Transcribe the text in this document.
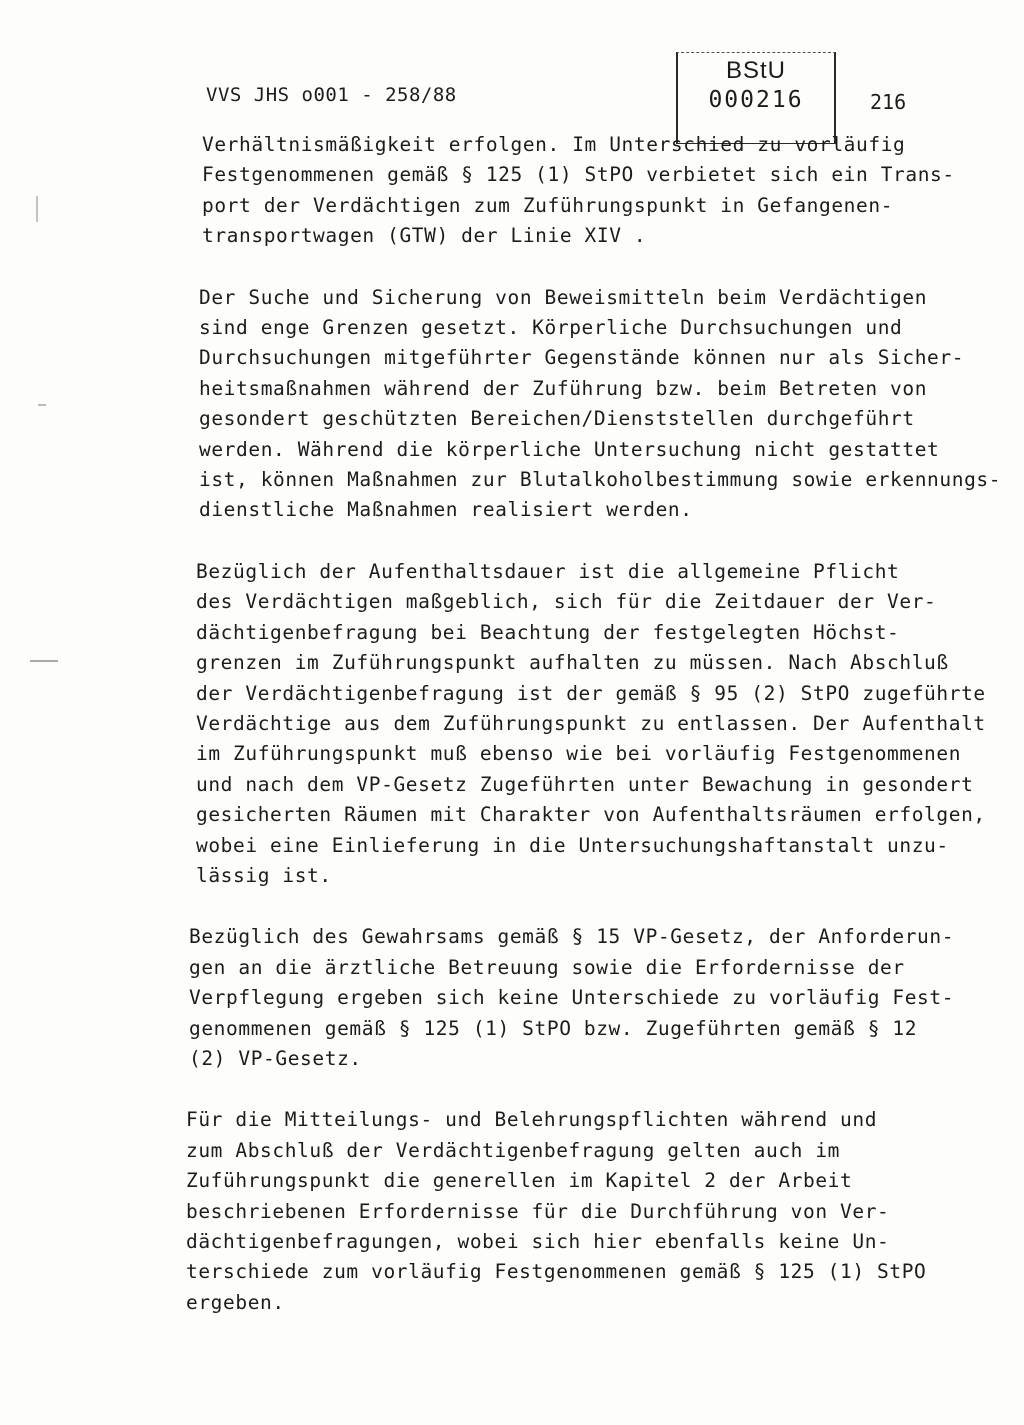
VVS JHS o001 - 258/88
BStU
000216	216
Verhältnismäßigkeit erfolgen. Im Unterschied zu vorläufig
Festgenommenen gemäß § 125 (1) StPO verbietet sich ein Trans-
port der Verdächtigen zum Zuführungspunkt in Gefangenen-
transportwagen (GTW) der Linie XIV .
Der Suche und Sicherung von Beweismitteln beim Verdächtigen
sind enge Grenzen gesetzt. Körperliche Durchsuchungen und
Durchsuchungen mitgeführter Gegenstände können nur als Sicher-
heitsmaßnahmen während der Zuführung bzw. beim Betreten von
gesondert geschützten Bereichen/Dienststellen durchgeführt
werden. Während die körperliche Untersuchung nicht gestattet
ist, können Maßnahmen zur Blutalkoholbestimmung sowie erkennungs-
dienstliche Maßnahmen realisiert werden.
Bezüglich der Aufenthaltsdauer ist die allgemeine Pflicht
des Verdächtigen maßgeblich, sich für die Zeitdauer der Ver-
dächtigenbefragung bei Beachtung der festgelegten Höchst-
grenzen im Zuführungspunkt aufhalten zu müssen. Nach Abschluß
der Verdächtigenbefragung ist der gemäß § 95 (2) StPO zugeführte
Verdächtige aus dem Zuführungspunkt zu entlassen. Der Aufenthalt
im Zuführungspunkt muß ebenso wie bei vorläufig Festgenommenen
und nach dem VP-Gesetz Zugeführten unter Bewachung in gesondert
gesicherten Räumen mit Charakter von Aufenthaltsräumen erfolgen,
wobei eine Einlieferung in die Untersuchungshaftanstalt unzu-
lässig ist.
Bezüglich des Gewahrsams gemäß § 15 VP-Gesetz, der Anforderun-
gen an die ärztliche Betreuung sowie die Erfordernisse der
Verpflegung ergeben sich keine Unterschiede zu vorläufig Fest-
genommenen gemäß § 125 (1) StPO bzw. Zugeführten gemäß § 12
(2) VP-Gesetz.
Für die Mitteilungs- und Belehrungspflichten während und
zum Abschluß der Verdächtigenbefragung gelten auch im
Zuführungspunkt die generellen im Kapitel 2 der Arbeit
beschriebenen Erfordernisse für die Durchführung von Ver-
dächtigenbefragungen, wobei sich hier ebenfalls keine Un-
terschiede zum vorläufig Festgenommenen gemäß § 125 (1) StPO
ergeben.
